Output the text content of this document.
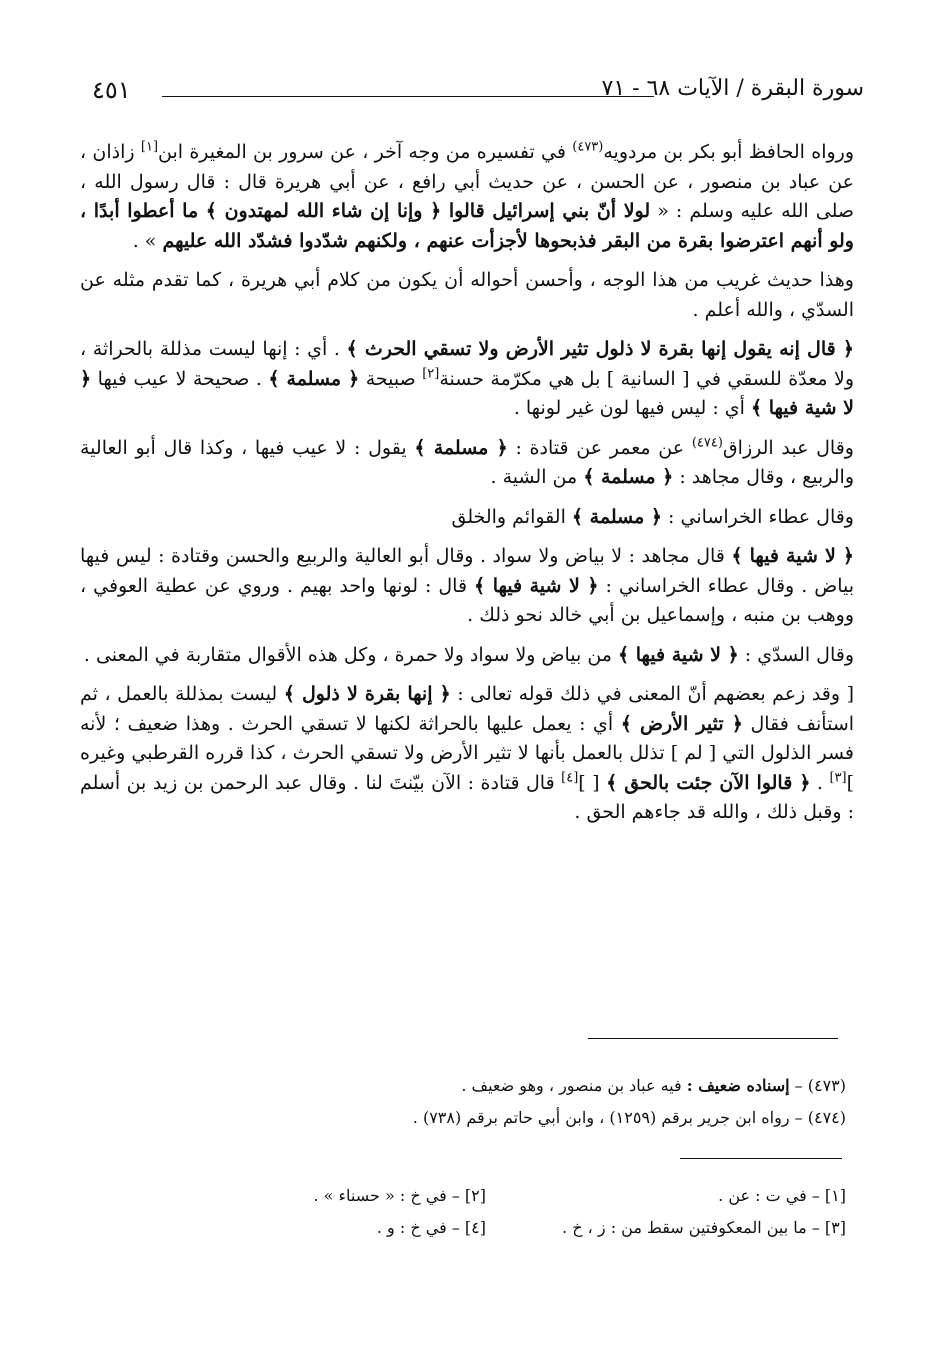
٤٥١	سورة البقرة / الآيات ٦٨ - ٧١

ورواه الحافظ أبو بكر بن مردويه$^{(٤٧٣)}$ في تفسيره من وجه آخر ، عن سرور بن المغيرة ابن[١] زاذان ، عن عباد بن منصور ، عن الحسن ، عن حديث أبي رافع ، عن أبي هريرة قال : قال رسول الله ، صلى الله عليه وسلم : « لولا أنّ بني إسرائيل قالوا ﴿ وإنا إن شاء الله لمهتدون ﴾ ما أعطوا أبدًا ، ولو أنهم اعترضوا بقرة من البقر فذبحوها لأجزأت عنهم ، ولكنهم شدّدوا فشدّد الله عليهم » .

وهذا حديث غريب من هذا الوجه ، وأحسن أحواله أن يكون من كلام أبي هريرة ، كما تقدم مثله عن السدّي ، والله أعلم .

﴿ قال إنه يقول إنها بقرة لا ذلول تثير الأرض ولا تسقي الحرث ﴾ . أي : إنها ليست مذللة بالحراثة ، ولا معدّة للسقي في [ السانية ] بل هي مكرّمة حسنة[٢] صبيحة ﴿ مسلمة ﴾ . صحيحة لا عيب فيها ﴿ لا شية فيها ﴾ أي : ليس فيها لون غير لونها .

وقال عبد الرزاق$^{(٤٧٤)}$ عن معمر عن قتادة : ﴿ مسلمة ﴾ يقول : لا عيب فيها ، وكذا قال أبو العالية والربيع ، وقال مجاهد : ﴿ مسلمة ﴾ من الشية .

وقال عطاء الخراساني : ﴿ مسلمة ﴾ القوائم والخلق

﴿ لا شية فيها ﴾ قال مجاهد : لا بياض ولا سواد . وقال أبو العالية والربيع والحسن وقتادة : ليس فيها بياض . وقال عطاء الخراساني : ﴿ لا شية فيها ﴾ قال : لونها واحد بهيم . وروي عن عطية العوفي ، ووهب بن منبه ، وإسماعيل بن أبي خالد نحو ذلك .

وقال السدّي : ﴿ لا شية فيها ﴾ من بياض ولا سواد ولا حمرة ، وكل هذه الأقوال متقاربة في المعنى .

[ وقد زعم بعضهم أنّ المعنى في ذلك قوله تعالى : ﴿ إنها بقرة لا ذلول ﴾ ليست بمذللة بالعمل ، ثم استأنف فقال ﴿ تثير الأرض ﴾ أي : يعمل عليها بالحراثة لكنها لا تسقي الحرث . وهذا ضعيف ؛ لأنه فسر الذلول التي [ لم ] تذلل بالعمل بأنها لا تثير الأرض ولا تسقي الحرث ، كذا قرره القرطبي وغيره ][٣] . ﴿ قالوا الآن جئت بالحق ﴾ [ ][٤] قال قتادة : الآن بيّنتَ لنا . وقال عبد الرحمن بن زيد بن أسلم : وقبل ذلك ، والله قد جاءهم الحق .

(٤٧٣) – إسناده ضعيف : فيه عباد بن منصور ، وهو ضعيف .
(٤٧٤) – رواه ابن جرير برقم (١٢٥٩) ، وابن أبي حاتم برقم (٧٣٨) .
[١] – في ت : عن .
[٢] – في خ : « حسناء » .
[٣] – ما بين المعكوفتين سقط من : ز ، خ .
[٤] – في خ : و .
